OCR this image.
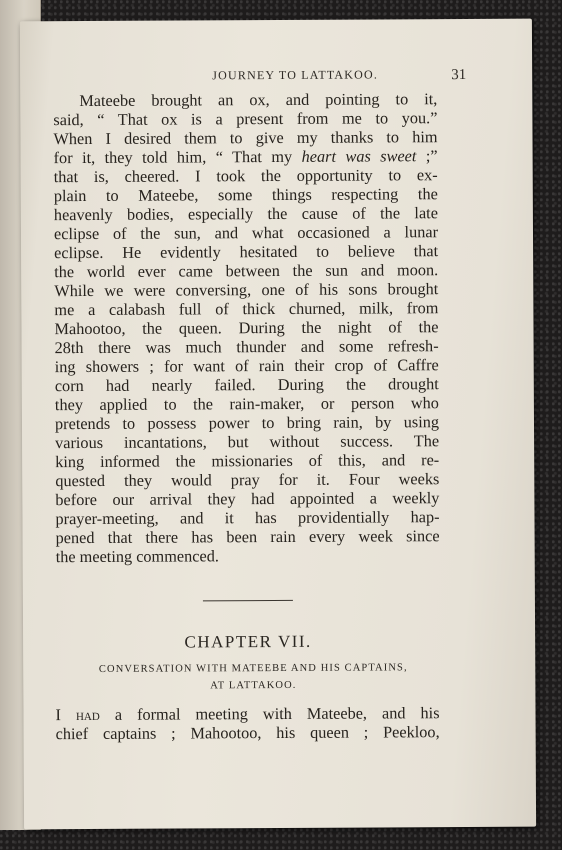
JOURNEY TO LATTAKOO.	31
Mateebe brought an ox, and pointing to it,
said, “ That ox is a present from me to you.”
When I desired them to give my thanks to him
for it, they told him, “ That my heart was sweet ;”
that is, cheered. I took the opportunity to ex-
plain to Mateebe, some things respecting the
heavenly bodies, especially the cause of the late
eclipse of the sun, and what occasioned a lunar
eclipse. He evidently hesitated to believe that
the world ever came between the sun and moon.
While we were conversing, one of his sons brought
me a calabash full of thick churned, milk, from
Mahootoo, the queen. During the night of the
28th there was much thunder and some refresh-
ing showers ; for want of rain their crop of Caffre
corn had nearly failed. During the drought
they applied to the rain-maker, or person who
pretends to possess power to bring rain, by using
various incantations, but without success. The
king informed the missionaries of this, and re-
quested they would pray for it. Four weeks
before our arrival they had appointed a weekly
prayer-meeting, and it has providentially hap-
pened that there has been rain every week since
the meeting commenced.
CHAPTER VII.
CONVERSATION WITH MATEEBE AND HIS CAPTAINS,
AT LATTAKOO.
I had a formal meeting with Mateebe, and his
chief captains ; Mahootoo, his queen ; Peekloo,
